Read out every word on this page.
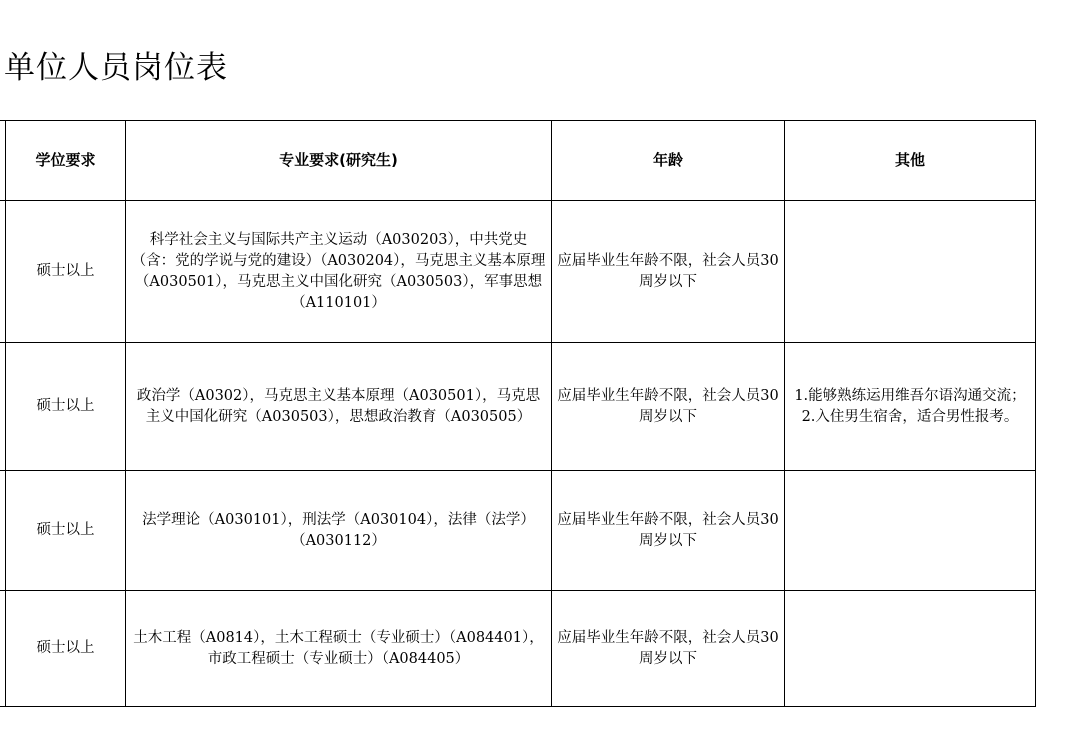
单位人员岗位表
	学位要求	专业要求(研究生)	年龄	其他
	硕士以上	科学社会主义与国际共产主义运动（A030203），中共党史（含：党的学说与党的建设）（A030204），马克思主义基本原理（A030501），马克思主义中国化研究（A030503），军事思想（A110101）	应届毕业生年龄不限，社会人员30周岁以下	
	硕士以上	政治学（A0302），马克思主义基本原理（A030501），马克思主义中国化研究（A030503），思想政治教育（A030505）	应届毕业生年龄不限，社会人员30周岁以下	1.能够熟练运用维吾尔语沟通交流；2.入住男生宿舍，适合男性报考。
	硕士以上	法学理论（A030101），刑法学（A030104），法律（法学）（A030112）	应届毕业生年龄不限，社会人员30周岁以下	
	硕士以上	土木工程（A0814），土木工程硕士（专业硕士）（A084401），市政工程硕士（专业硕士）（A084405）	应届毕业生年龄不限，社会人员30周岁以下	
